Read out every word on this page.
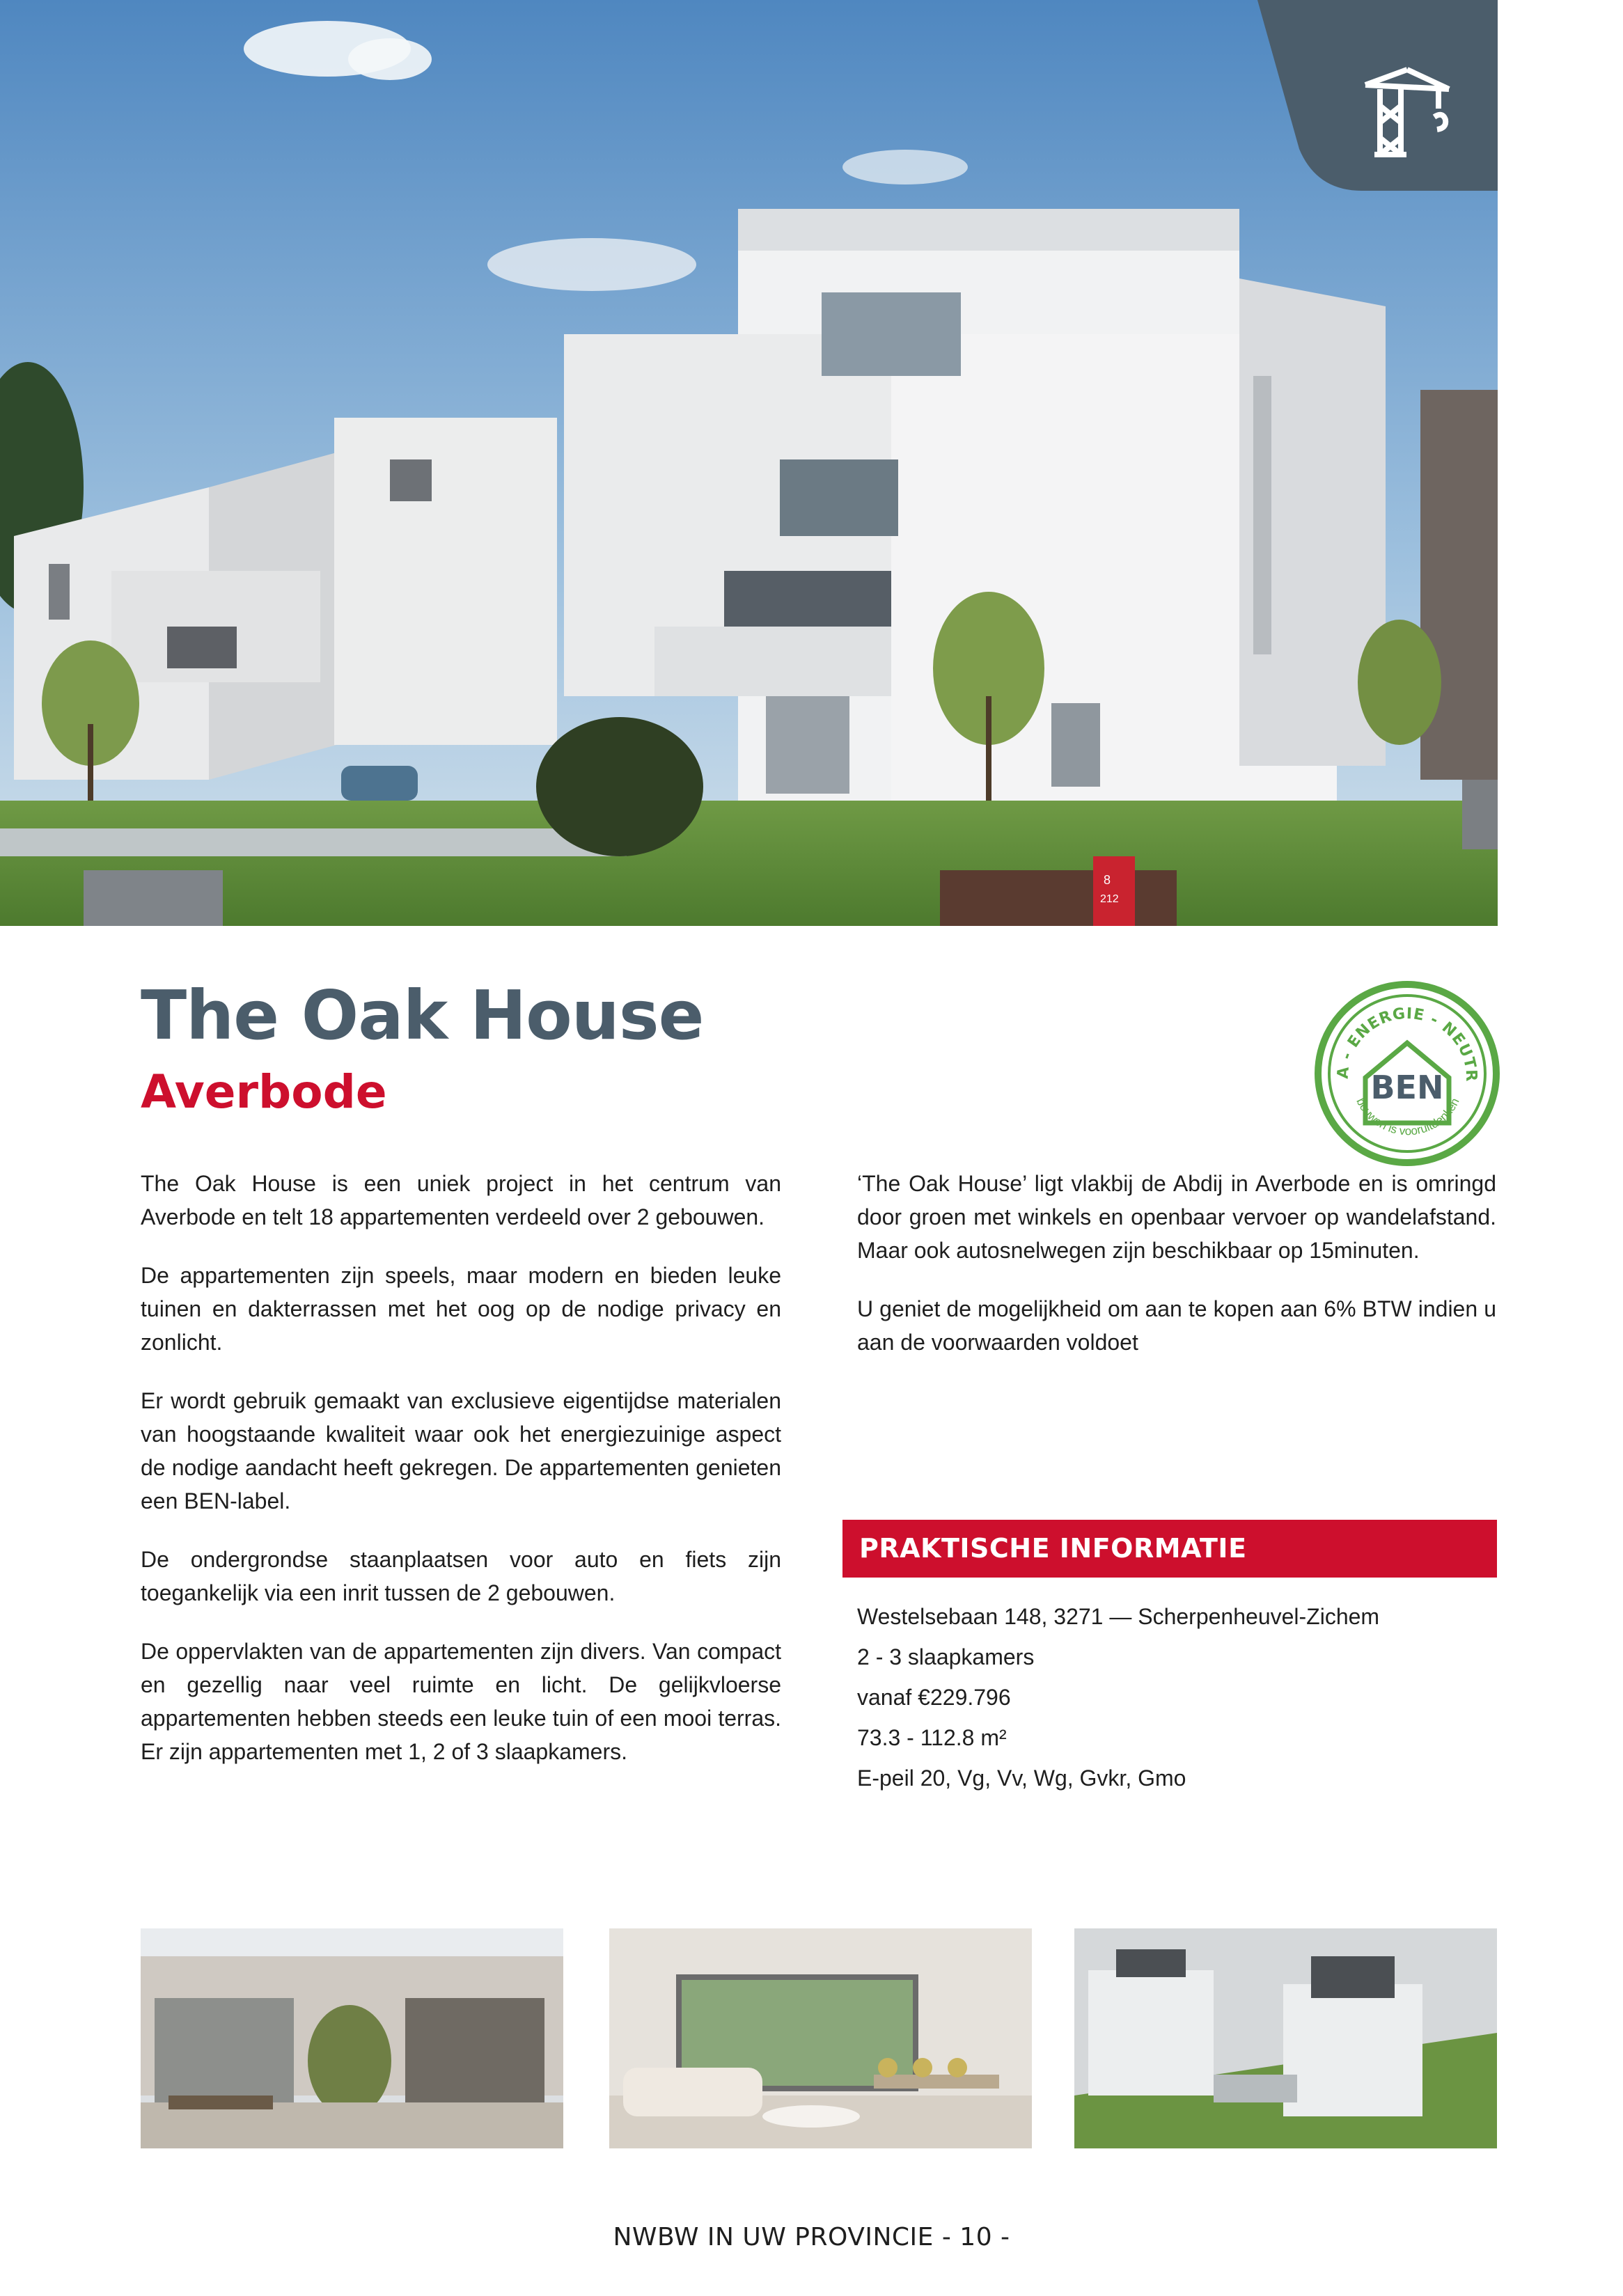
8
212
The Oak House
Averbode	A - ENERGIE - NEUTR
BEN
bouwen is vooruitdenken

The Oak House is een uniek project in het centrum van Averbode en telt 18 appartementen verdeeld over 2 gebouwen.

De appartementen zijn speels, maar modern en bieden leuke tuinen en dakterrassen met het oog op de nodige privacy en zonlicht.

Er wordt gebruik gemaakt van exclusieve eigentijdse materialen van hoogstaande kwaliteit waar ook het energiezuinige aspect de nodige aandacht heeft gekregen. De appartementen genieten een BEN-label.

De ondergrondse staanplaatsen voor auto en fiets zijn toegankelijk via een inrit tussen de 2 gebouwen.

De oppervlakten van de appartementen zijn divers. Van compact en gezellig naar veel ruimte en licht. De gelijkvloerse appartementen hebben steeds een leuke tuin of een mooi terras. Er zijn appartementen met 1, 2 of 3 slaapkamers.

‘The Oak House’ ligt vlakbij de Abdij in Averbode en is omringd door groen met winkels en openbaar vervoer op wandelafstand. Maar ook autosnelwegen zijn beschikbaar op 15minuten.

U geniet de mogelijkheid om aan te kopen aan 6% BTW indien u aan de voorwaarden voldoet

PRAKTISCHE INFORMATIE
Westelsebaan 148, 3271 — Scherpenheuvel-Zichem
2 - 3 slaapkamers
vanaf €229.796
73.3 - 112.8 m²
E-peil 20, Vg, Vv, Wg, Gvkr, Gmo
NWBW IN UW PROVINCIE - 10 -
